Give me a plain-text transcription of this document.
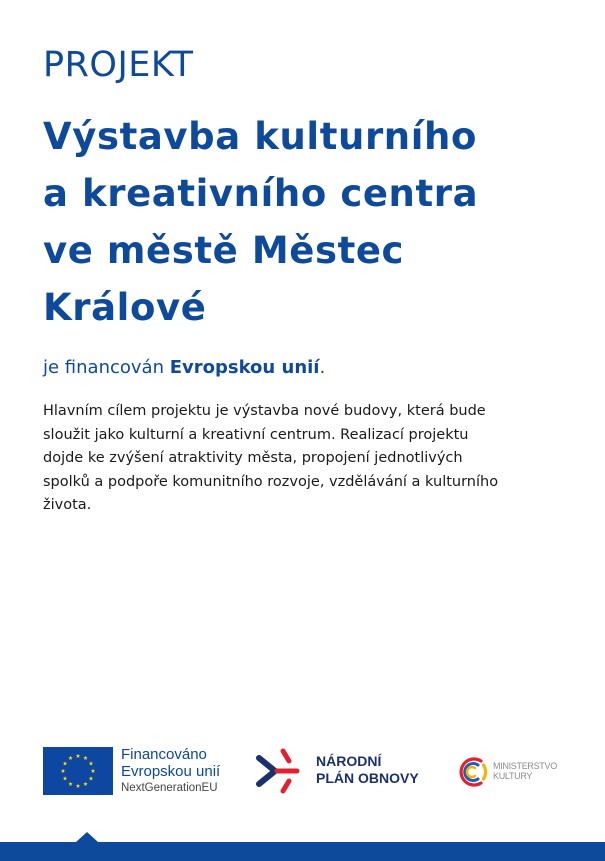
PROJEKT
Výstavba kulturního
a kreativního centra
ve městě Městec
Králové

je financován Evropskou unií.

Hlavním cílem projektu je výstavba nové budovy, která bude
sloužit jako kulturní a kreativní centrum. Realizací projektu
dojde ke zvýšení atraktivity města, propojení jednotlivých
spolků a podpoře komunitního rozvoje, vzdělávání a kulturního
života.

Financováno
Evropskou unií
NextGenerationEU
NÁRODNÍ
PLÁN OBNOVY
MINISTERSTVO
KULTURY
